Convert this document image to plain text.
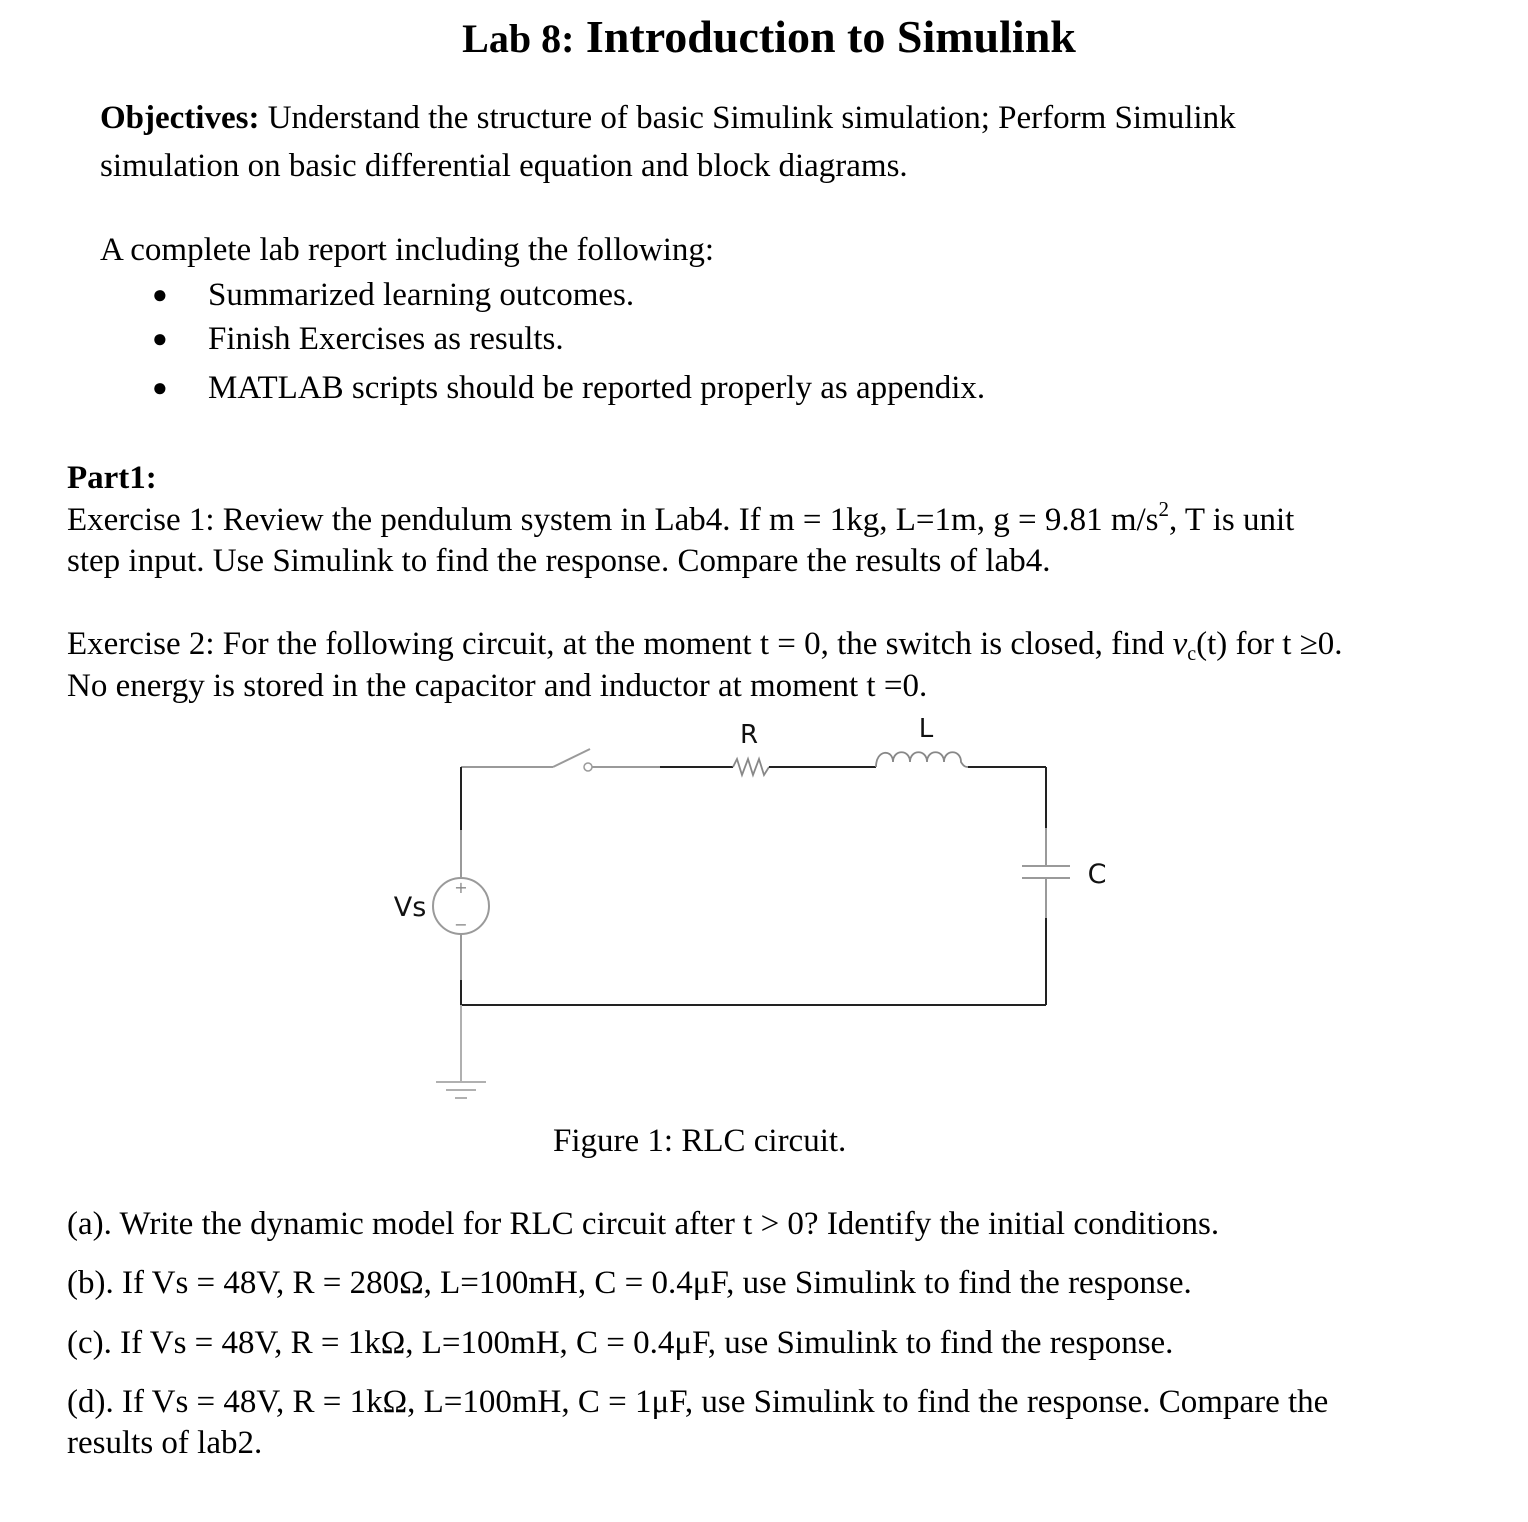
Lab 8: Introduction to Simulink
Objectives: Understand the structure of basic Simulink simulation; Perform Simulink
simulation on basic differential equation and block diagrams.
A complete lab report including the following:
● Summarized learning outcomes.
● Finish Exercises as results.
● MATLAB scripts should be reported properly as appendix.
Part1:
Exercise 1: Review the pendulum system in Lab4. If m = 1kg, L=1m, g = 9.81 $m/s^2$, T is unit
step input. Use Simulink to find the response. Compare the results of lab4.
Exercise 2: For the following circuit, at the moment t = 0, the switch is closed, find $v_c(t)$ for t ≥0.
No energy is stored in the capacitor and inductor at moment t =0.
+
−
R	L
C
Vs
Figure 1: RLC circuit.
(a). Write the dynamic model for RLC circuit after t > 0? Identify the initial conditions.
(b). If Vs = 48V, R = 280Ω, L=100mH, C = 0.4μF, use Simulink to find the response.
(c). If Vs = 48V, R = 1kΩ, L=100mH, C = 0.4μF, use Simulink to find the response.
(d). If Vs = 48V, R = 1kΩ, L=100mH, C = 1μF, use Simulink to find the response. Compare the
results of lab2.
